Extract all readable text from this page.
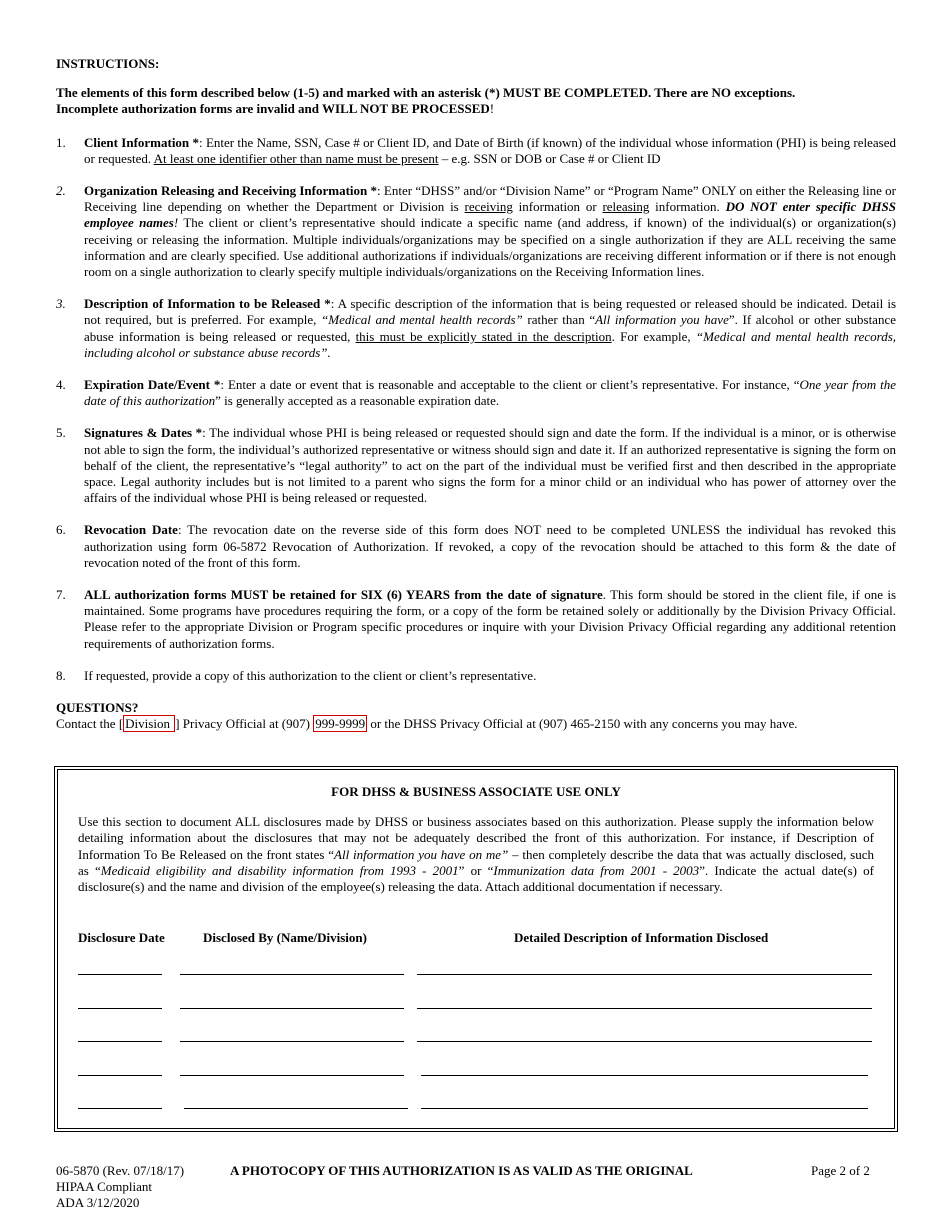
INSTRUCTIONS:

The elements of this form described below (1-5) and marked with an asterisk (*) MUST BE COMPLETED. There are NO exceptions.
Incomplete authorization forms are invalid and WILL NOT BE PROCESSED!

1. Client Information *: Enter the Name, SSN, Case # or Client ID, and Date of Birth (if known) of the individual whose information (PHI) is being released or requested. At least one identifier other than name must be present – e.g. SSN or DOB or Case # or Client ID
2. Organization Releasing and Receiving Information *: Enter “DHSS” and/or “Division Name” or “Program Name” ONLY on either the Releasing line or Receiving line depending on whether the Department or Division is receiving information or releasing information. DO NOT enter specific DHSS employee names! The client or client’s representative should indicate a specific name (and address, if known) of the individual(s) or organization(s) receiving or releasing the information. Multiple individuals/organizations may be specified on a single authorization if they are ALL receiving the same information and are clearly specified. Use additional authorizations if individuals/organizations are receiving different information or if there is not enough room on a single authorization to clearly specify multiple individuals/organizations on the Receiving Information lines.
3. Description of Information to be Released *: A specific description of the information that is being requested or released should be indicated. Detail is not required, but is preferred. For example, “Medical and mental health records” rather than “All information you have”. If alcohol or other substance abuse information is being released or requested, this must be explicitly stated in the description. For example, “Medical and mental health records, including alcohol or substance abuse records”.
4. Expiration Date/Event *: Enter a date or event that is reasonable and acceptable to the client or client’s representative. For instance, “One year from the date of this authorization” is generally accepted as a reasonable expiration date.
5. Signatures & Dates *: The individual whose PHI is being released or requested should sign and date the form. If the individual is a minor, or is otherwise not able to sign the form, the individual’s authorized representative or witness should sign and date it. If an authorized representative is signing the form on behalf of the client, the representative’s “legal authority” to act on the part of the individual must be verified first and then described in the appropriate space. Legal authority includes but is not limited to a parent who signs the form for a minor child or an individual who has power of attorney over the affairs of the individual whose PHI is being released or requested.
6. Revocation Date: The revocation date on the reverse side of this form does NOT need to be completed UNLESS the individual has revoked this authorization using form 06-5872 Revocation of Authorization. If revoked, a copy of the revocation should be attached to this form & the date of revocation noted of the front of this form.
7. ALL authorization forms MUST be retained for SIX (6) YEARS from the date of signature. This form should be stored in the client file, if one is maintained. Some programs have procedures requiring the form, or a copy of the form be retained solely or additionally by the Division Privacy Official. Please refer to the appropriate Division or Program specific procedures or inquire with your Division Privacy Official regarding any additional retention requirements of authorization forms.
8. If requested, provide a copy of this authorization to the client or client’s representative.

QUESTIONS?

Contact the [ Division ] Privacy Official at (907) 999-9999 or the DHSS Privacy Official at (907) 465-2150 with any concerns you may have.

FOR DHSS & BUSINESS ASSOCIATE USE ONLY
Use this section to document ALL disclosures made by DHSS or business associates based on this authorization. Please supply the information below detailing information about the disclosures that may not be adequately described the front of this authorization. For instance, if Description of Information To Be Released on the front states “All information you have on me” – then completely describe the data that was actually disclosed, such as “Medicaid eligibility and disability information from 1993 - 2001” or “Immunization data from 2001 - 2003”. Indicate the actual date(s) of disclosure(s) and the name and division of the employee(s) releasing the data. Attach additional documentation if necessary.
Disclosure Date	Disclosed By (Name/Division)	Detailed Description of Information Disclosed
06-5870 (Rev. 07/18/17)
HIPAA Compliant
ADA 3/12/2020
A PHOTOCOPY OF THIS AUTHORIZATION IS AS VALID AS THE ORIGINAL	Page 2 of 2
